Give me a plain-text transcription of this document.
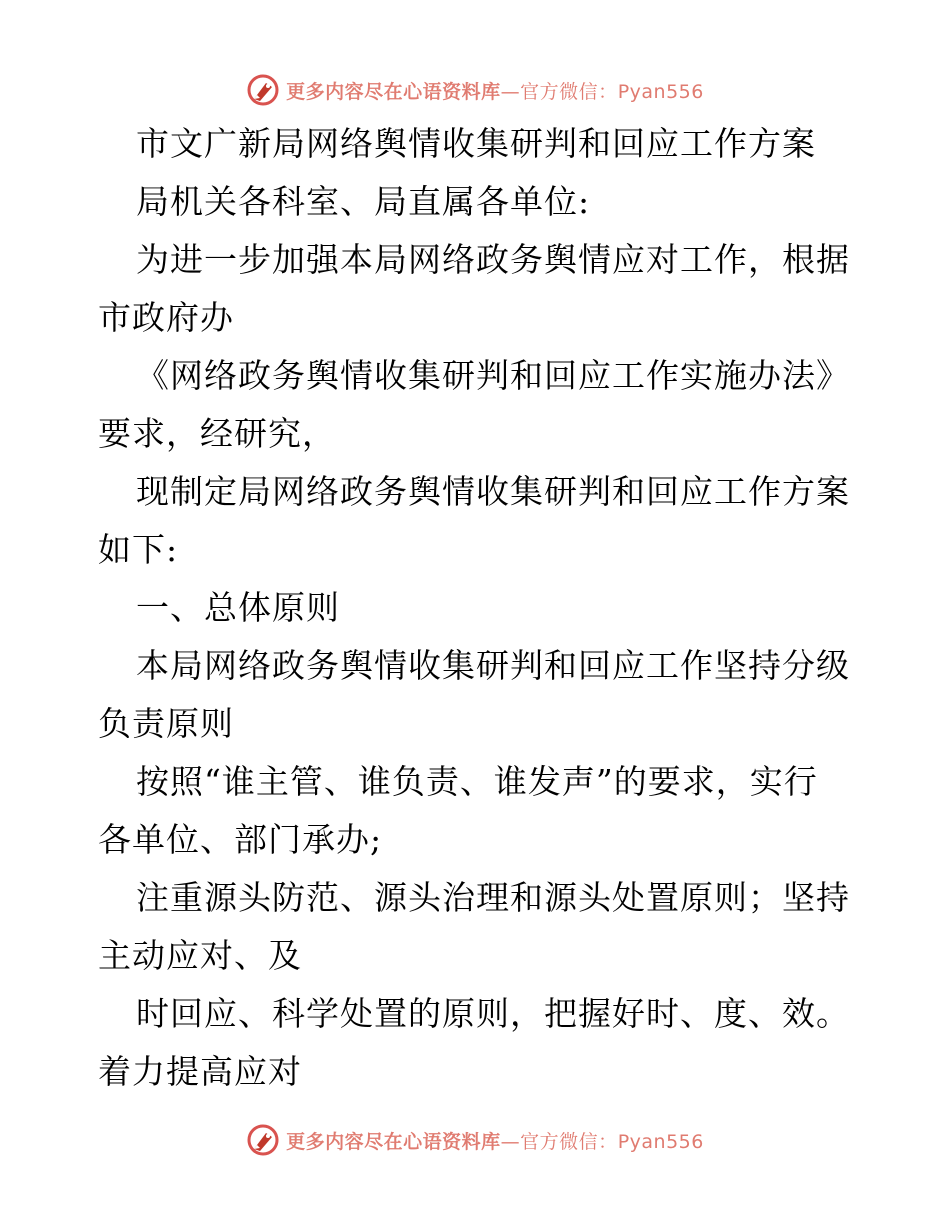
更多内容尽在心语资料库—官方微信：Pyan556
市文广新局网络舆情收集研判和回应工作方案
局机关各科室、局直属各单位:
为进一步加强本局网络政务舆情应对工作，根据
市政府办
《网络政务舆情收集研判和回应工作实施办法》
要求，经研究，
现制定局网络政务舆情收集研判和回应工作方案
如下:
一、总体原则
本局网络政务舆情收集研判和回应工作坚持分级
负责原则
按照“谁主管、谁负责、谁发声”的要求，实行
各单位、部门承办;
注重源头防范、源头治理和源头处置原则；坚持
主动应对、及
时回应、科学处置的原则，把握好时、度、效。
着力提高应对
更多内容尽在心语资料库—官方微信：Pyan556
